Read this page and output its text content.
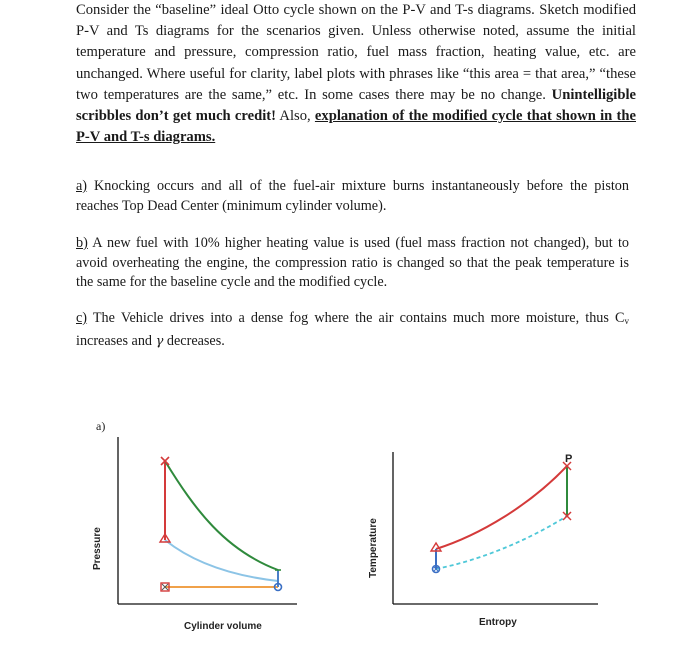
Consider the “baseline” ideal Otto cycle shown on the P-V and T-s diagrams. Sketch modified P-V and Ts diagrams for the scenarios given. Unless otherwise noted, assume the initial temperature and pressure, compression ratio, fuel mass fraction, heating value, etc. are unchanged. Where useful for clarity, label plots with phrases like “this area = that area,” “these two temperatures are the same,” etc. In some cases there may be no change. Unintelligible scribbles don’t get much credit! Also, explanation of the modified cycle that shown in the P-V and T-s diagrams.
a) Knocking occurs and all of the fuel-air mixture burns instantaneously before the piston reaches Top Dead Center (minimum cylinder volume).
b) A new fuel with 10% higher heating value is used (fuel mass fraction not changed), but to avoid overheating the engine, the compression ratio is changed so that the peak temperature is the same for the baseline cycle and the modified cycle.
c) The Vehicle drives into a dense fog where the air contains much more moisture, thus $C_v$ increases and γ decreases.
a)
Pressure
Cylinder volume
P
Temperature
Entropy
